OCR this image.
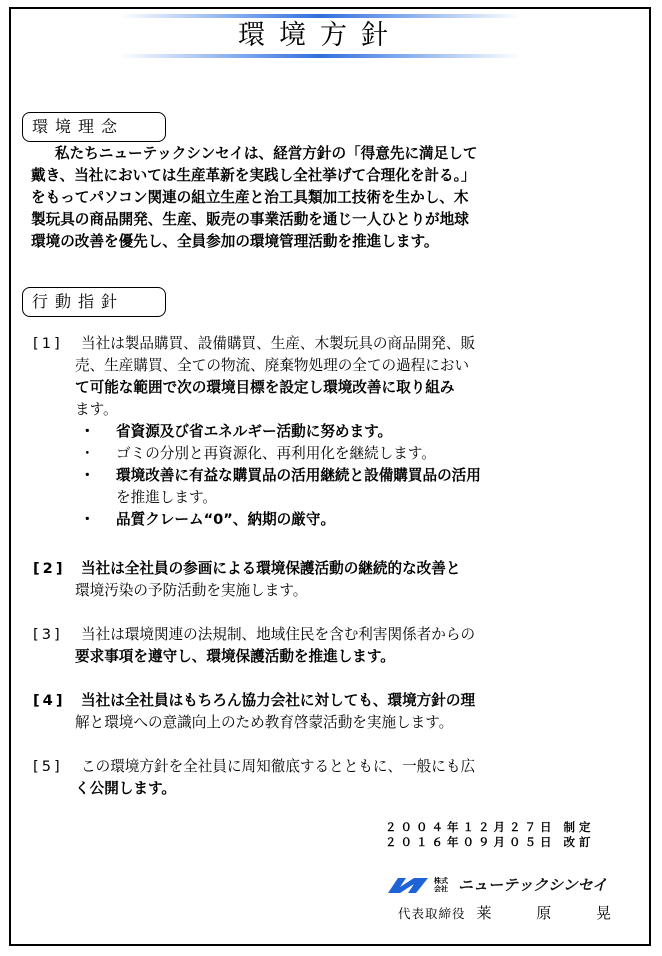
環境方針
環境理念

私たちニューテックシンセイは、経営方針の「得意先に満足して

戴き、当社においては生産革新を実践し全社挙げて合理化を計る。」

をもってパソコン関連の組立生産と治工具類加工技術を生かし、木

製玩具の商品開発、生産、販売の事業活動を通じ一人ひとりが地球

環境の改善を優先し、全員参加の環境管理活動を推進します。

行動指針
[1]	当社は製品購買、設備購買、生産、木製玩具の商品開発、販
売、生産購買、全ての物流、廃棄物処理の全ての過程におい
て可能な範囲で次の環境目標を設定し環境改善に取り組み
ます。
・ 省資源及び省エネルギー活動に努めます。
・ ゴミの分別と再資源化、再利用化を継続します。
・ 環境改善に有益な購買品の活用継続と設備購買品の活用
を推進します。
・ 品質クレーム“0”、納期の厳守。
[2]	当社は全社員の参画による環境保護活動の継続的な改善と
環境汚染の予防活動を実施します。
[3]	当社は環境関連の法規制、地域住民を含む利害関係者からの
要求事項を遵守し、環境保護活動を推進します。
[4]	当社は全社員はもちろん協力会社に対しても、環境方針の理
解と環境への意識向上のため教育啓蒙活動を実施します。
[5]	この環境方針を全社員に周知徹底するとともに、一般にも広
く公開します。
２００４年１２月２７日 制定
２０１６年０９月０５日 改訂
株式会社 ニューテックシンセイ
代表取締役 莱 原 晃
